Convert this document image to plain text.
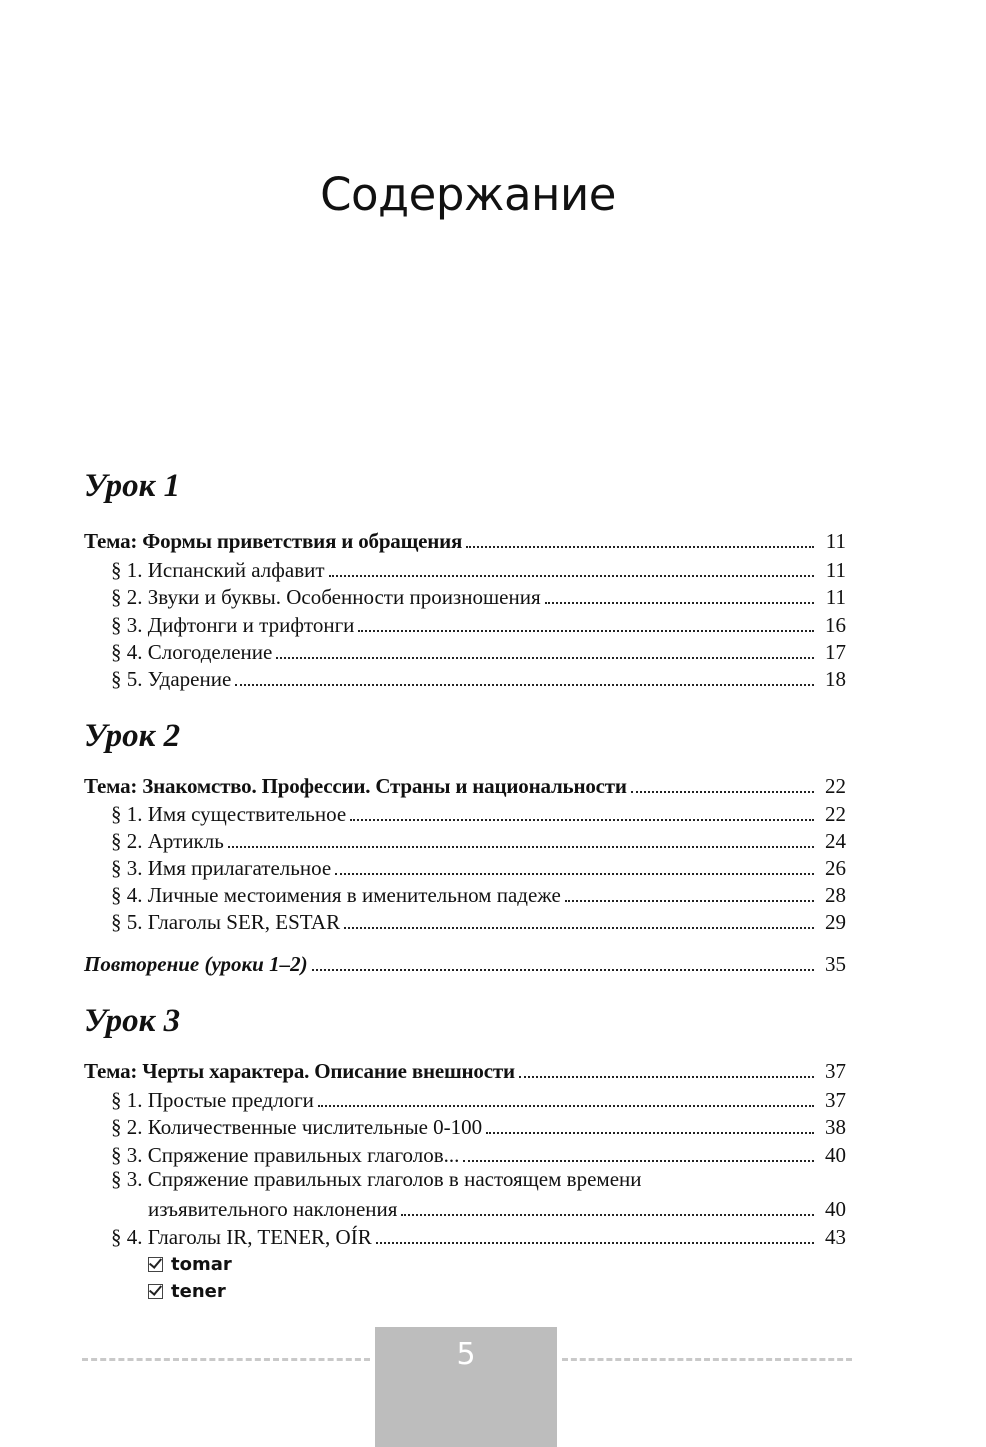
Содержание
Урок 1
Тема: Формы приветствия и обращения	11
§ 1. Испанский алфавит	11
§ 2. Звуки и буквы. Особенности произношения	11
§ 3. Дифтонги и трифтонги	16
§ 4. Слогоделение	17
§ 5. Ударение	18
Урок 2
Тема: Знакомство. Профессии. Страны и национальности	22
§ 1. Имя существительное	22
§ 2. Артикль	24
§ 3. Имя прилагательное	26
§ 4. Личные местоимения в именительном падеже	28
§ 5. Глаголы SER, ESTAR	29
Повторение (уроки 1–2)	35
Урок 3
Тема: Черты характера. Описание внешности	37
§ 1. Простые предлоги	37
§ 2. Количественные числительные 0-100	38
§ 3. Спряжение правильных глаголов...	40
§ 3. Спряжение правильных глаголов в настоящем времени
изъявительного наклонения	40
§ 4. Глаголы IR, TENER, OÍR	43
tomar
tener
5
